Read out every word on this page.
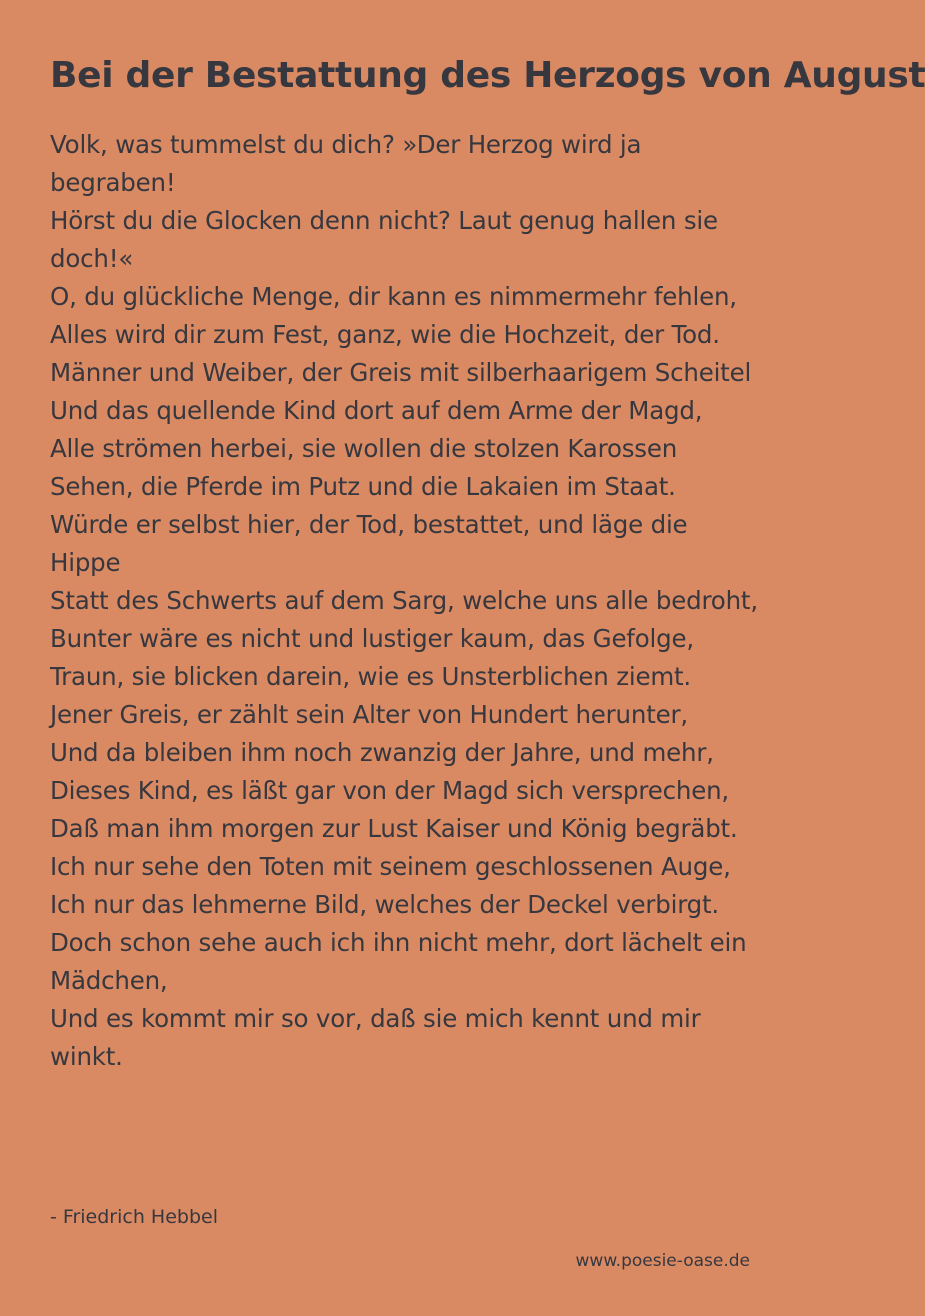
Bei der Bestattung des Herzogs von August
Volk, was tummelst du dich? »Der Herzog wird ja begraben!
Hörst du die Glocken denn nicht? Laut genug hallen sie doch!«
O, du glückliche Menge, dir kann es nimmermehr fehlen,
Alles wird dir zum Fest, ganz, wie die Hochzeit, der Tod.
Männer und Weiber, der Greis mit silberhaarigem Scheitel
Und das quellende Kind dort auf dem Arme der Magd,
Alle strömen herbei, sie wollen die stolzen Karossen
Sehen, die Pferde im Putz und die Lakaien im Staat.
Würde er selbst hier, der Tod, bestattet, und läge die Hippe
Statt des Schwerts auf dem Sarg, welche uns alle bedroht,
Bunter wäre es nicht und lustiger kaum, das Gefolge,
Traun, sie blicken darein, wie es Unsterblichen ziemt.
Jener Greis, er zählt sein Alter von Hundert herunter,
Und da bleiben ihm noch zwanzig der Jahre, und mehr,
Dieses Kind, es läßt gar von der Magd sich versprechen,
Daß man ihm morgen zur Lust Kaiser und König begräbt.
Ich nur sehe den Toten mit seinem geschlossenen Auge,
Ich nur das lehmerne Bild, welches der Deckel verbirgt.
Doch schon sehe auch ich ihn nicht mehr, dort lächelt ein Mädchen,
Und es kommt mir so vor, daß sie mich kennt und mir winkt.
- Friedrich Hebbel
www.poesie-oase.de
